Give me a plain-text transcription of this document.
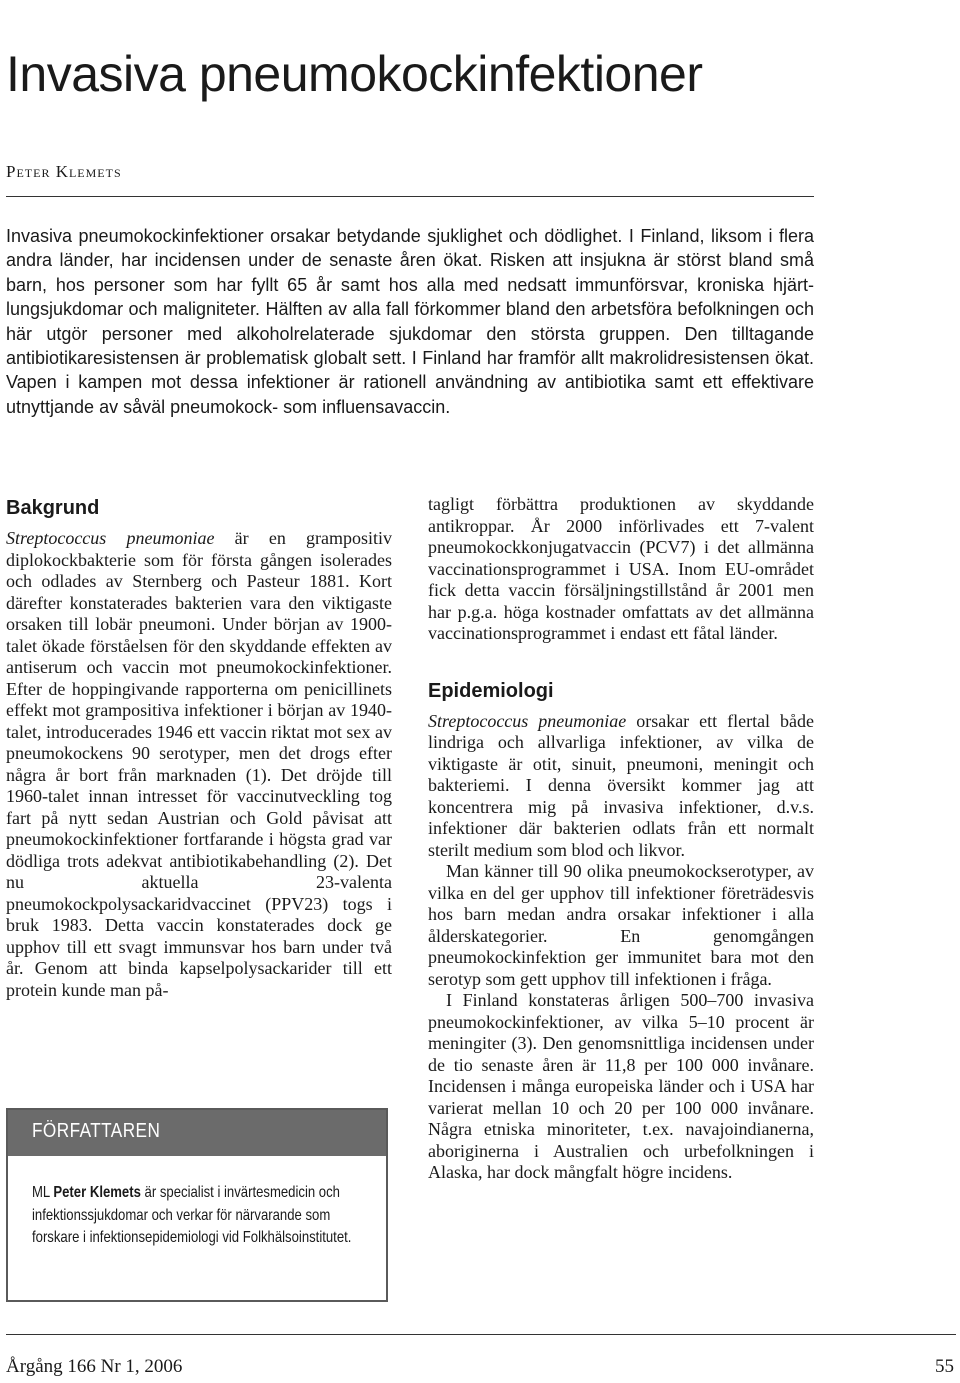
Invasiva pneumokockinfektioner
Peter Klemets

Invasiva pneumokockinfektioner orsakar betydande sjuklighet och dödlighet. I Finland, liksom i flera andra länder, har incidensen under de senaste åren ökat. Risken att insjukna är störst bland små barn, hos personer som har fyllt 65 år samt hos alla med nedsatt immunförsvar, kroniska hjärt-lungsjukdomar och maligniteter. Hälften av alla fall förkommer bland den arbetsföra befolkningen och här utgör personer med alkoholrelaterade sjukdomar den största gruppen. Den tilltagande antibiotikaresistensen är problematisk globalt sett. I Finland har framför allt makrolidresistensen ökat. Vapen i kampen mot dessa infektioner är rationell användning av antibiotika samt ett effektivare utnyttjande av såväl pneumokock- som influensavaccin.

Bakgrund

Streptococcus pneumoniae är en grampositiv diplokockbakterie som för första gången isolerades och odlades av Sternberg och Pasteur 1881. Kort därefter konstaterades bakterien vara den viktigaste orsaken till lobär pneumoni. Under början av 1900-talet ökade förståelsen för den skyddande effekten av antiserum och vaccin mot pneumokockinfektioner. Efter de hoppingivande rapporterna om penicillinets effekt mot grampositiva infektioner i början av 1940-talet, introducerades 1946 ett vaccin riktat mot sex av pneumokockens 90 serotyper, men det drogs efter några år bort från marknaden (1). Det dröjde till 1960-talet innan intresset för vaccinutveckling tog fart på nytt sedan Austrian och Gold påvisat att pneumokockinfektioner fortfarande i högsta grad var dödliga trots adekvat antibiotikabehandling (2). Det nu aktuella 23-valenta pneumokockpolysackaridvaccinet (PPV23) togs i bruk 1983. Detta vaccin konstaterades dock ge upphov till ett svagt immunsvar hos barn under två år. Genom att binda kapselpolysackarider till ett protein kunde man på-

tagligt förbättra produktionen av skyddande antikroppar. År 2000 införlivades ett 7-valent pneumokockkonjugatvaccin (PCV7) i det allmänna vaccinationsprogrammet i USA. Inom EU-området fick detta vaccin försäljningstillstånd år 2001 men har p.g.a. höga kostnader omfattats av det allmänna vaccinationsprogrammet i endast ett fåtal länder.

Epidemiologi

Streptococcus pneumoniae orsakar ett flertal både lindriga och allvarliga infektioner, av vilka de viktigaste är otit, sinuit, pneumoni, meningit och bakteriemi. I denna översikt kommer jag att koncentrera mig på invasiva infektioner, d.v.s. infektioner där bakterien odlats från ett normalt sterilt medium som blod och likvor.

Man känner till 90 olika pneumokockserotyper, av vilka en del ger upphov till infektioner företrädesvis hos barn medan andra orsakar infektioner i alla ålderskategorier. En genomgången pneumokockinfektion ger immunitet bara mot den serotyp som gett upphov till infektionen i fråga.

I Finland konstateras årligen 500–700 invasiva pneumokockinfektioner, av vilka 5–10 procent är meningiter (3). Den genomsnittliga incidensen under de tio senaste åren är 11,8 per 100 000 invånare. Incidensen i många europeiska länder och i USA har varierat mellan 10 och 20 per 100 000 invånare. Några etniska minoriteter, t.ex. navajoindianerna, aboriginerna i Australien och urbefolkningen i Alaska, har dock mångfalt högre incidens.

FÖRFATTAREN

ML Peter Klemets är specialist i invärtesmedicin och infektionssjukdomar och verkar för närvarande som forskare i infektionsepidemiologi vid Folkhälsoinstitutet.

Årgång 166 Nr 1, 2006	55
